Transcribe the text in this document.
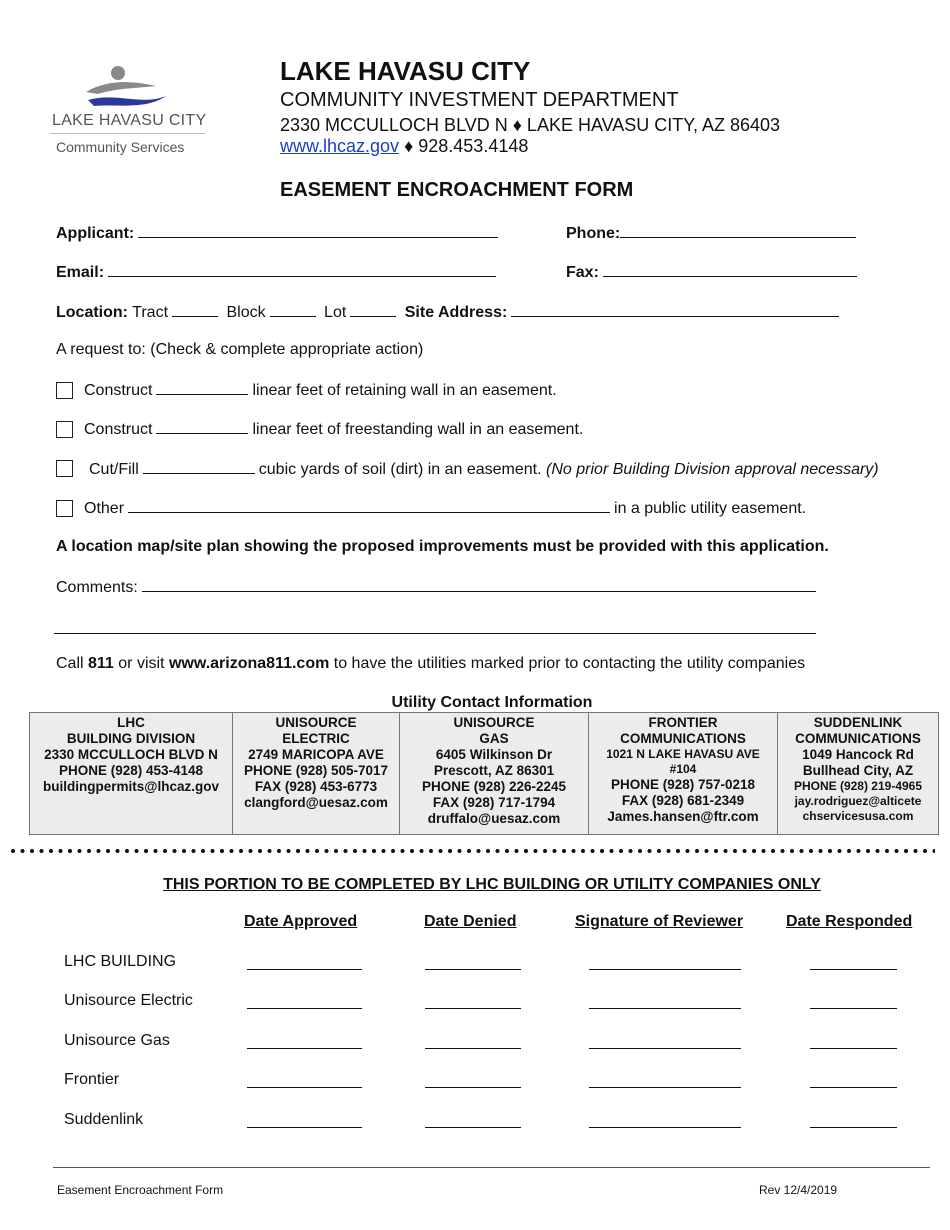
LAKE HAVASU CITY
Community Services
LAKE HAVASU CITY
COMMUNITY INVESTMENT DEPARTMENT
2330 MCCULLOCH BLVD N ♦ LAKE HAVASU CITY, AZ 86403
www.lhcaz.gov ♦ 928.453.4148
EASEMENT ENCROACHMENT FORM
Applicant:	Phone:
Email:	Fax:
Location: Tract	Block	Lot	Site Address:
A request to: (Check & complete appropriate action)
Construct	linear feet of retaining wall in an easement.
Construct	linear feet of freestanding wall in an easement.
Cut/Fill	cubic yards of soil (dirt) in an easement. (No prior Building Division approval necessary)
Other	in a public utility easement.
A location map/site plan showing the proposed improvements must be provided with this application.
Comments:
Call 811 or visit www.arizona811.com to have the utilities marked prior to contacting the utility companies
Utility Contact Information
LHC
BUILDING DIVISION
2330 MCCULLOCH BLVD N
PHONE (928) 453-4148
buildingpermits@lhcaz.gov

UNISOURCE
ELECTRIC
2749 MARICOPA AVE
PHONE (928) 505-7017
FAX (928) 453-6773
clangford@uesaz.com

UNISOURCE
GAS
6405 Wilkinson Dr
Prescott, AZ 86301
PHONE (928) 226-2245
FAX (928) 717-1794
druffalo@uesaz.com

FRONTIER
COMMUNICATIONS
1021 N LAKE HAVASU AVE
#104
PHONE (928) 757-0218
FAX (928) 681-2349
James.hansen@ftr.com

SUDDENLINK
COMMUNICATIONS
1049 Hancock Rd
Bullhead City, AZ
PHONE (928) 219-4965
jay.rodriguez@alticete
chservicesusa.com
THIS PORTION TO BE COMPLETED BY LHC BUILDING OR UTILITY COMPANIES ONLY
Date Approved	Date Denied	Signature of Reviewer	Date Responded
LHC BUILDING
Unisource Electric
Unisource Gas
Frontier
Suddenlink
Easement Encroachment Form	Rev 12/4/2019
